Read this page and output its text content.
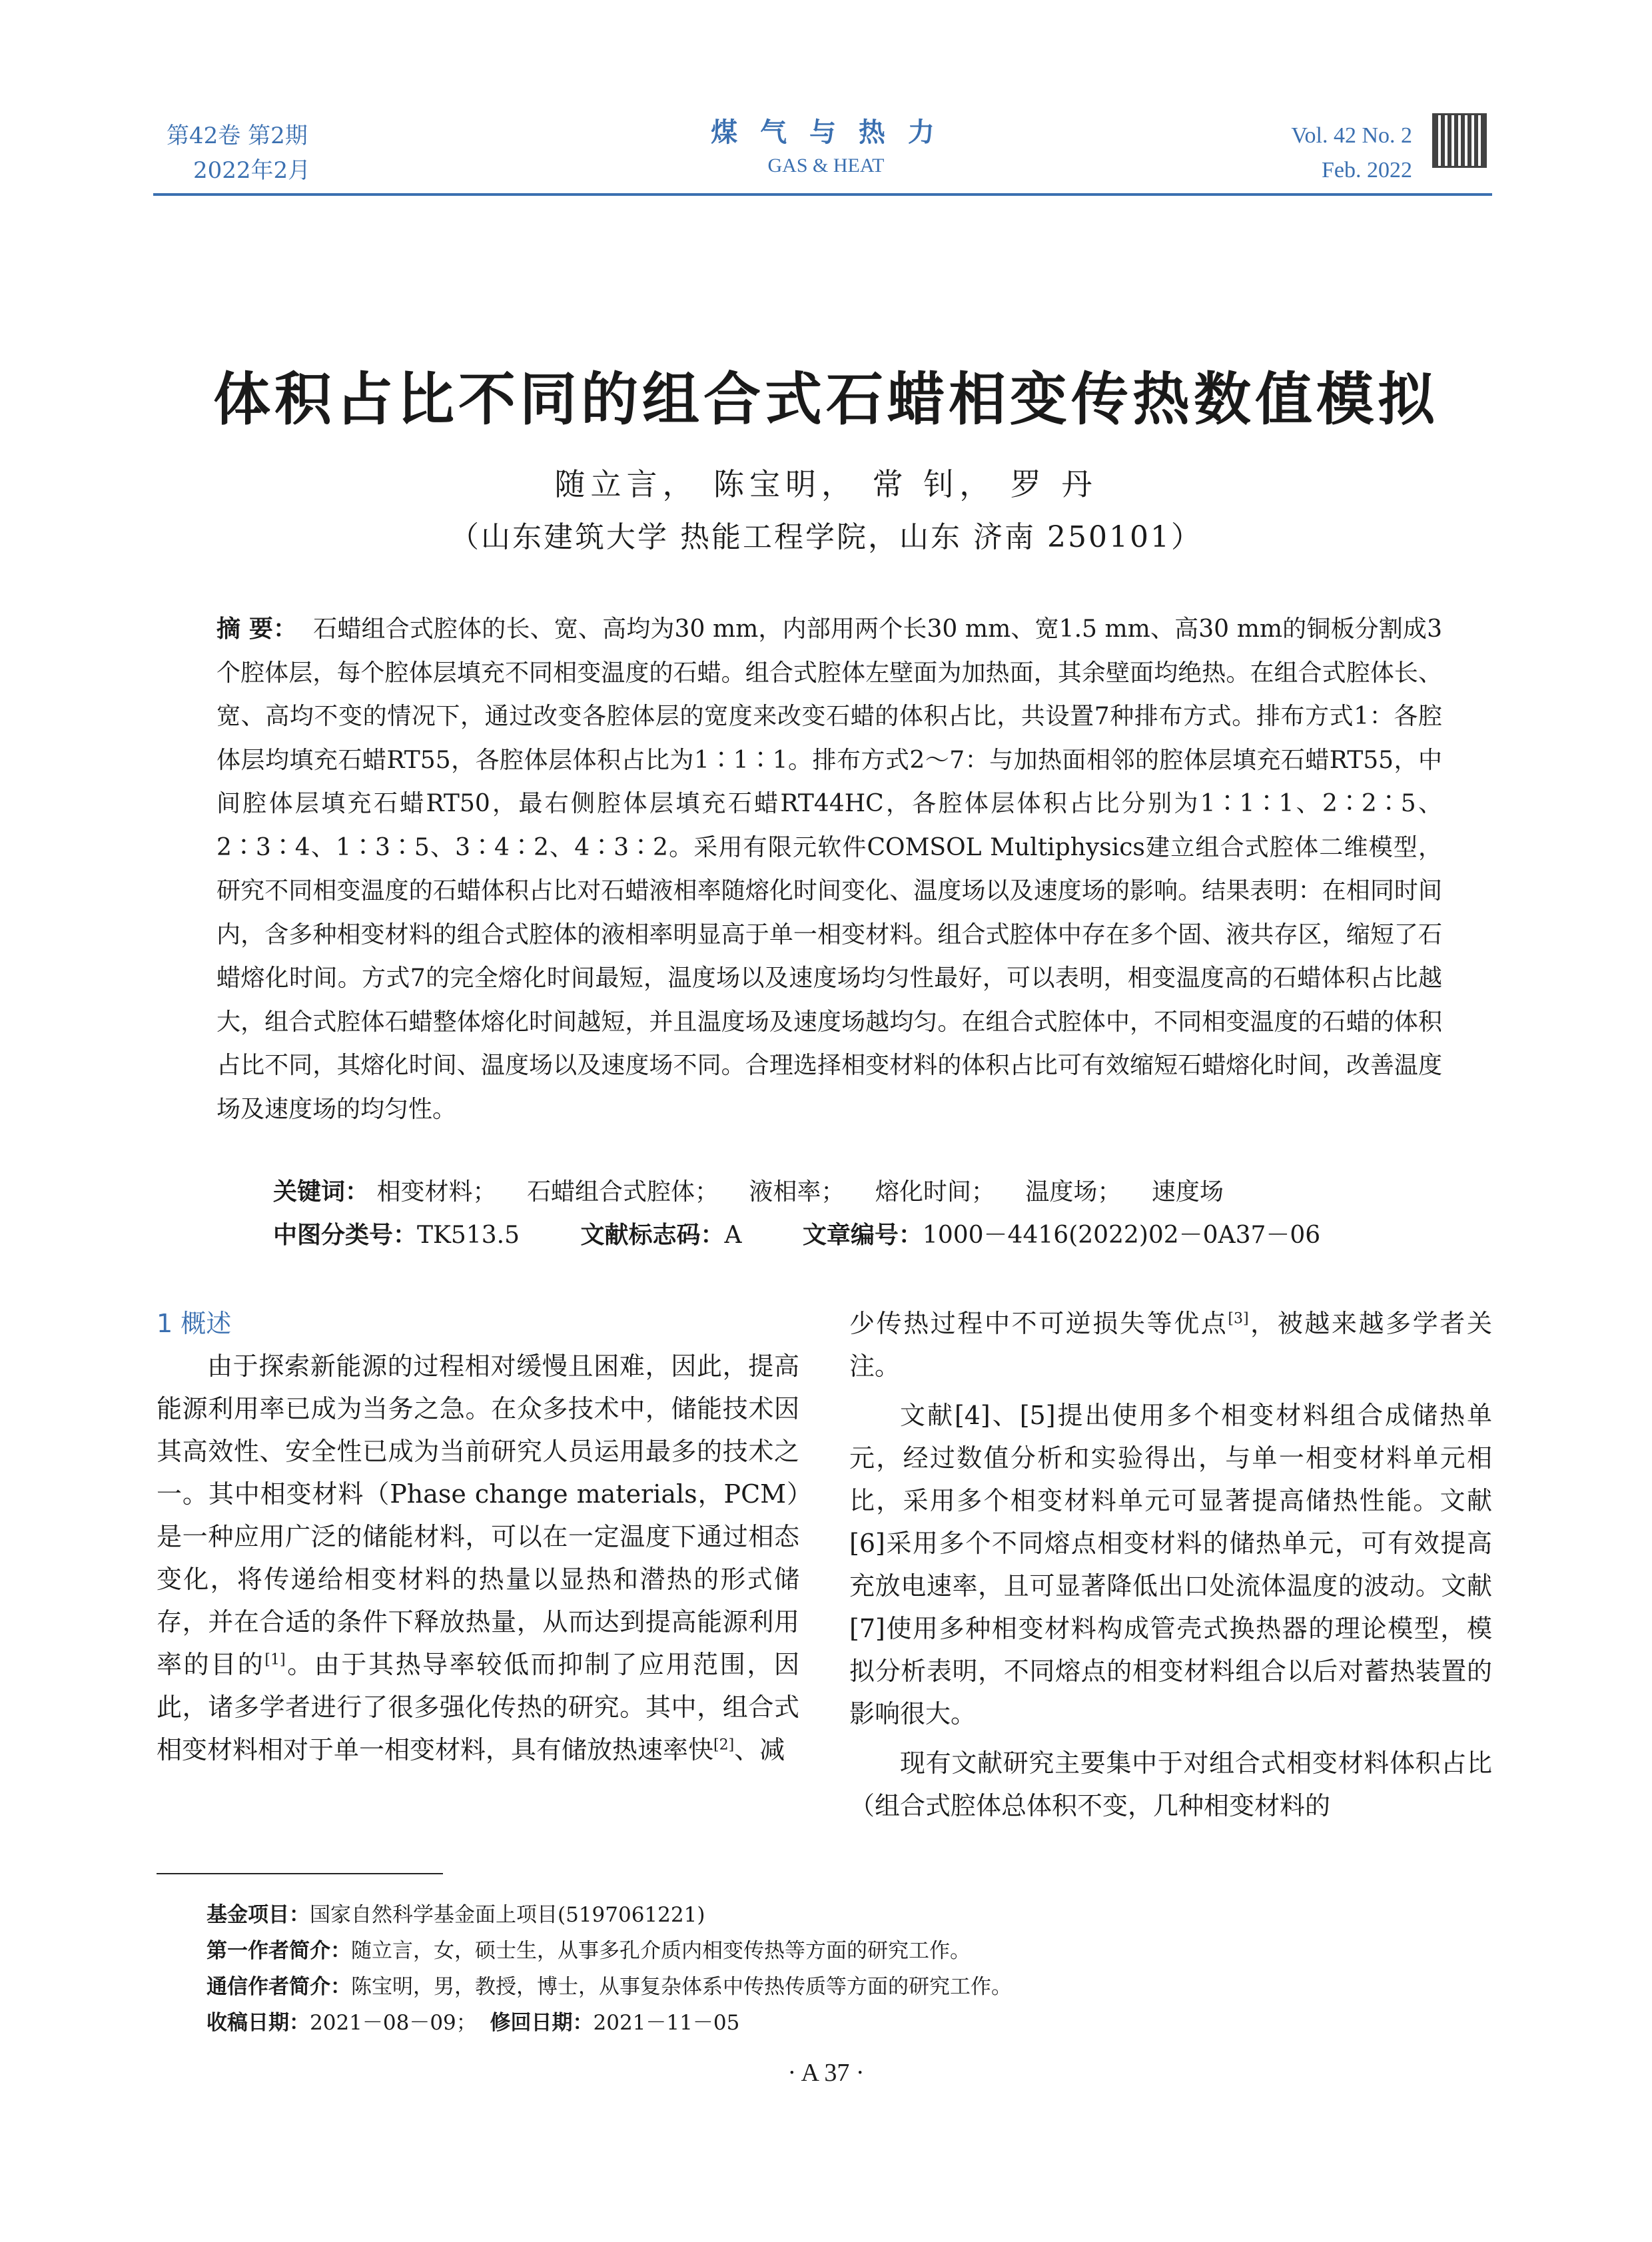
第42卷 第2期
2022年2月
煤 气 与 热 力
GAS & HEAT
Vol. 42 No. 2
Feb. 2022
体积占比不同的组合式石蜡相变传热数值模拟
随立言， 陈宝明， 常 钊， 罗 丹
（山东建筑大学 热能工程学院，山东 济南 250101）
摘 要： 石蜡组合式腔体的长、宽、高均为30 mm，内部用两个长30 mm、宽1.5 mm、高30 mm的铜板分割成3个腔体层，每个腔体层填充不同相变温度的石蜡。组合式腔体左壁面为加热面，其余壁面均绝热。在组合式腔体长、宽、高均不变的情况下，通过改变各腔体层的宽度来改变石蜡的体积占比，共设置7种排布方式。排布方式1：各腔体层均填充石蜡RT55，各腔体层体积占比为1∶1∶1。排布方式2～7：与加热面相邻的腔体层填充石蜡RT55，中间腔体层填充石蜡RT50，最右侧腔体层填充石蜡RT44HC，各腔体层体积占比分别为1∶1∶1、2∶2∶5、2∶3∶4、1∶3∶5、3∶4∶2、4∶3∶2。采用有限元软件COMSOL Multiphysics建立组合式腔体二维模型，研究不同相变温度的石蜡体积占比对石蜡液相率随熔化时间变化、温度场以及速度场的影响。结果表明：在相同时间内，含多种相变材料的组合式腔体的液相率明显高于单一相变材料。组合式腔体中存在多个固、液共存区，缩短了石蜡熔化时间。方式7的完全熔化时间最短，温度场以及速度场均匀性最好，可以表明，相变温度高的石蜡体积占比越大，组合式腔体石蜡整体熔化时间越短，并且温度场及速度场越均匀。在组合式腔体中，不同相变温度的石蜡的体积占比不同，其熔化时间、温度场以及速度场不同。合理选择相变材料的体积占比可有效缩短石蜡熔化时间，改善温度场及速度场的均匀性。
关键词： 相变材料； 石蜡组合式腔体； 液相率； 熔化时间； 温度场； 速度场
中图分类号：TK513.5	文献标志码：A	文章编号：1000－4416(2022)02－0A37－06
1 概述

由于探索新能源的过程相对缓慢且困难，因此，提高能源利用率已成为当务之急。在众多技术中，储能技术因其高效性、安全性已成为当前研究人员运用最多的技术之一。其中相变材料（Phase change materials，PCM）是一种应用广泛的储能材料，可以在一定温度下通过相态变化，将传递给相变材料的热量以显热和潜热的形式储存，并在合适的条件下释放热量，从而达到提高能源利用率的目的[1]。由于其热导率较低而抑制了应用范围，因此，诸多学者进行了很多强化传热的研究。其中，组合式相变材料相对于单一相变材料，具有储放热速率快[2]、减

少传热过程中不可逆损失等优点[3]，被越来越多学者关注。

文献[4]、[5]提出使用多个相变材料组合成储热单元，经过数值分析和实验得出，与单一相变材料单元相比，采用多个相变材料单元可显著提高储热性能。文献[6]采用多个不同熔点相变材料的储热单元，可有效提高充放电速率，且可显著降低出口处流体温度的波动。文献[7]使用多种相变材料构成管壳式换热器的理论模型，模拟分析表明，不同熔点的相变材料组合以后对蓄热装置的影响很大。

现有文献研究主要集中于对组合式相变材料体积占比（组合式腔体总体积不变，几种相变材料的

基金项目：国家自然科学基金面上项目(5197061221)
第一作者简介：随立言，女，硕士生，从事多孔介质内相变传热等方面的研究工作。
通信作者简介：陈宝明，男，教授，博士，从事复杂体系中传热传质等方面的研究工作。
收稿日期：2021－08－09； 修回日期：2021－11－05
· A 37 ·
